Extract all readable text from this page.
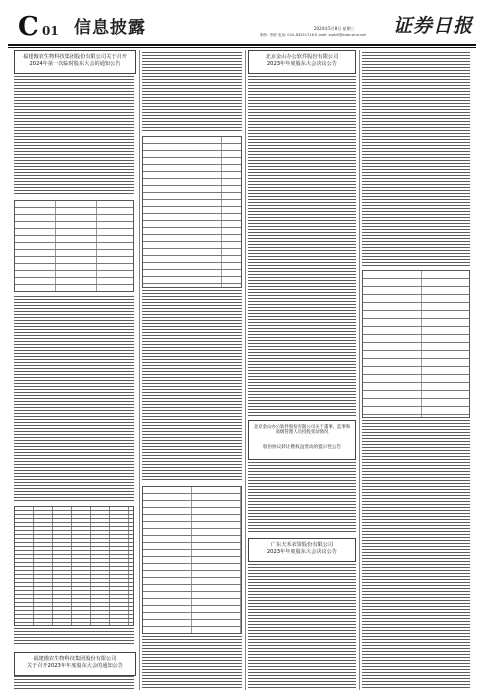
C 01 信息披露	2024年5月8日 星期三
制作: 李波 电话: 010-83251716 E-mail: zqrb9@zqrb.sina.net 证券日报
福建傲农生物科技集团股份有限公司关于召开
2024年第一次临时股东大会的通知公告
福建傲农生物科技集团股份有限公司
关于召开2023年年度股东大会的通知公告
北京金山办公软件股份有限公司
2023年年度股东大会决议公告
北京金山办公软件股份有限公司关于董事、监事和高级管理人员持股变动情况
股份协议转让暨权益变动的提示性公告
广东天禾农资股份有限公司
2023年年度股东大会决议公告
